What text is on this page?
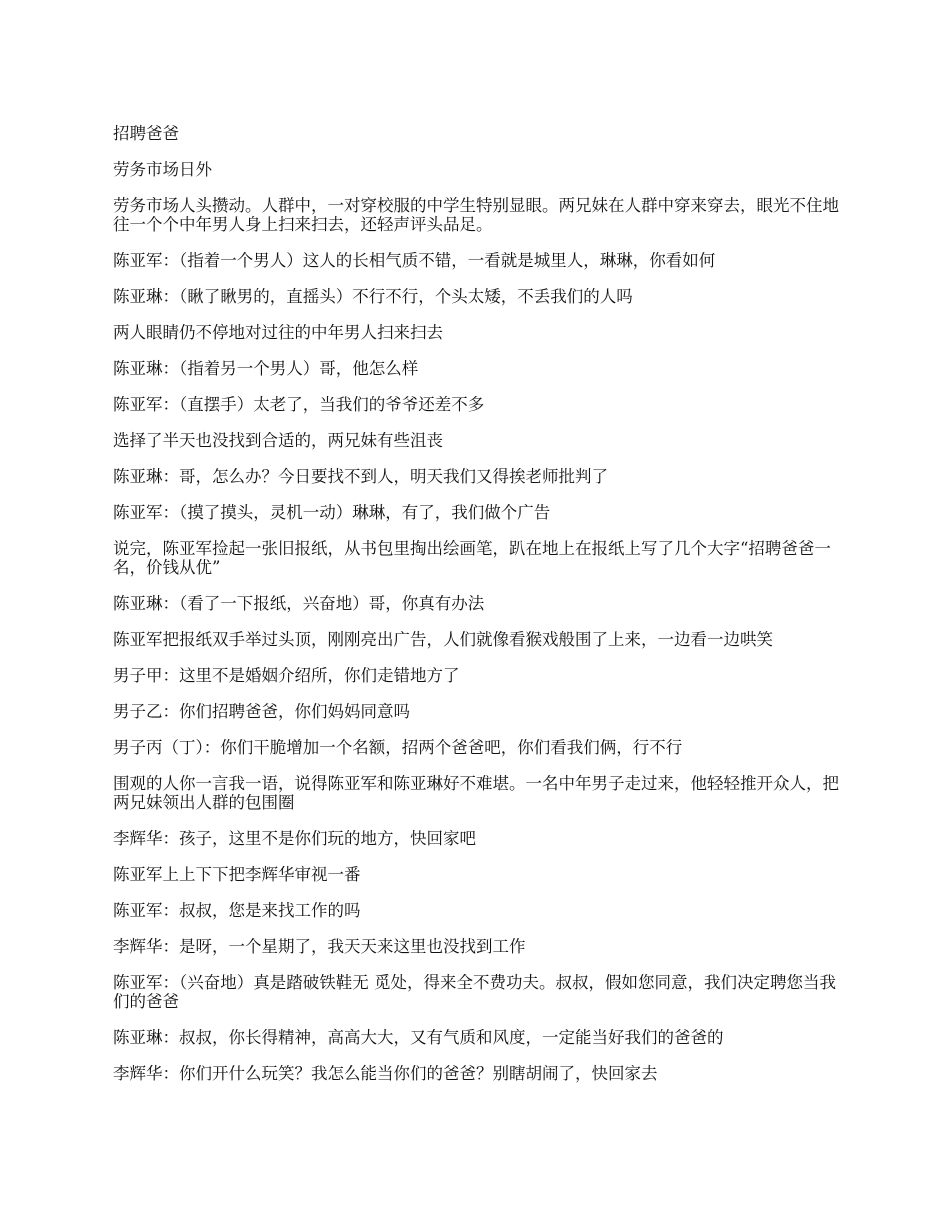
招聘爸爸

劳务市场日外

劳务市场人头攒动。人群中，一对穿校服的中学生特别显眼。两兄妹在人群中穿来穿去，眼光不住地往一个个中年男人身上扫来扫去，还轻声评头品足。

陈亚军：（指着一个男人）这人的长相气质不错，一看就是城里人，琳琳，你看如何

陈亚琳：（瞅了瞅男的，直摇头）不行不行，个头太矮，不丢我们的人吗

两人眼睛仍不停地对过往的中年男人扫来扫去

陈亚琳：（指着另一个男人）哥，他怎么样

陈亚军：（直摆手）太老了，当我们的爷爷还差不多

选择了半天也没找到合适的，两兄妹有些沮丧

陈亚琳：哥，怎么办？今日要找不到人，明天我们又得挨老师批判了

陈亚军：（摸了摸头，灵机一动）琳琳，有了，我们做个广告

说完，陈亚军捡起一张旧报纸，从书包里掏出绘画笔，趴在地上在报纸上写了几个大字“招聘爸爸一名，价钱从优”

陈亚琳：（看了一下报纸，兴奋地）哥，你真有办法

陈亚军把报纸双手举过头顶，刚刚亮出广告，人们就像看猴戏般围了上来，一边看一边哄笑

男子甲：这里不是婚姻介绍所，你们走错地方了

男子乙：你们招聘爸爸，你们妈妈同意吗

男子丙（丁）：你们干脆增加一个名额，招两个爸爸吧，你们看我们俩，行不行

围观的人你一言我一语，说得陈亚军和陈亚琳好不难堪。一名中年男子走过来，他轻轻推开众人，把两兄妹领出人群的包围圈

李辉华：孩子，这里不是你们玩的地方，快回家吧

陈亚军上上下下把李辉华审视一番

陈亚军：叔叔，您是来找工作的吗

李辉华：是呀，一个星期了，我天天来这里也没找到工作

陈亚军：（兴奋地）真是踏破铁鞋无 觅处，得来全不费功夫。叔叔，假如您同意，我们决定聘您当我们的爸爸

陈亚琳：叔叔，你长得精神，高高大大，又有气质和风度，一定能当好我们的爸爸的

李辉华：你们开什么玩笑？我怎么能当你们的爸爸？别瞎胡闹了，快回家去
